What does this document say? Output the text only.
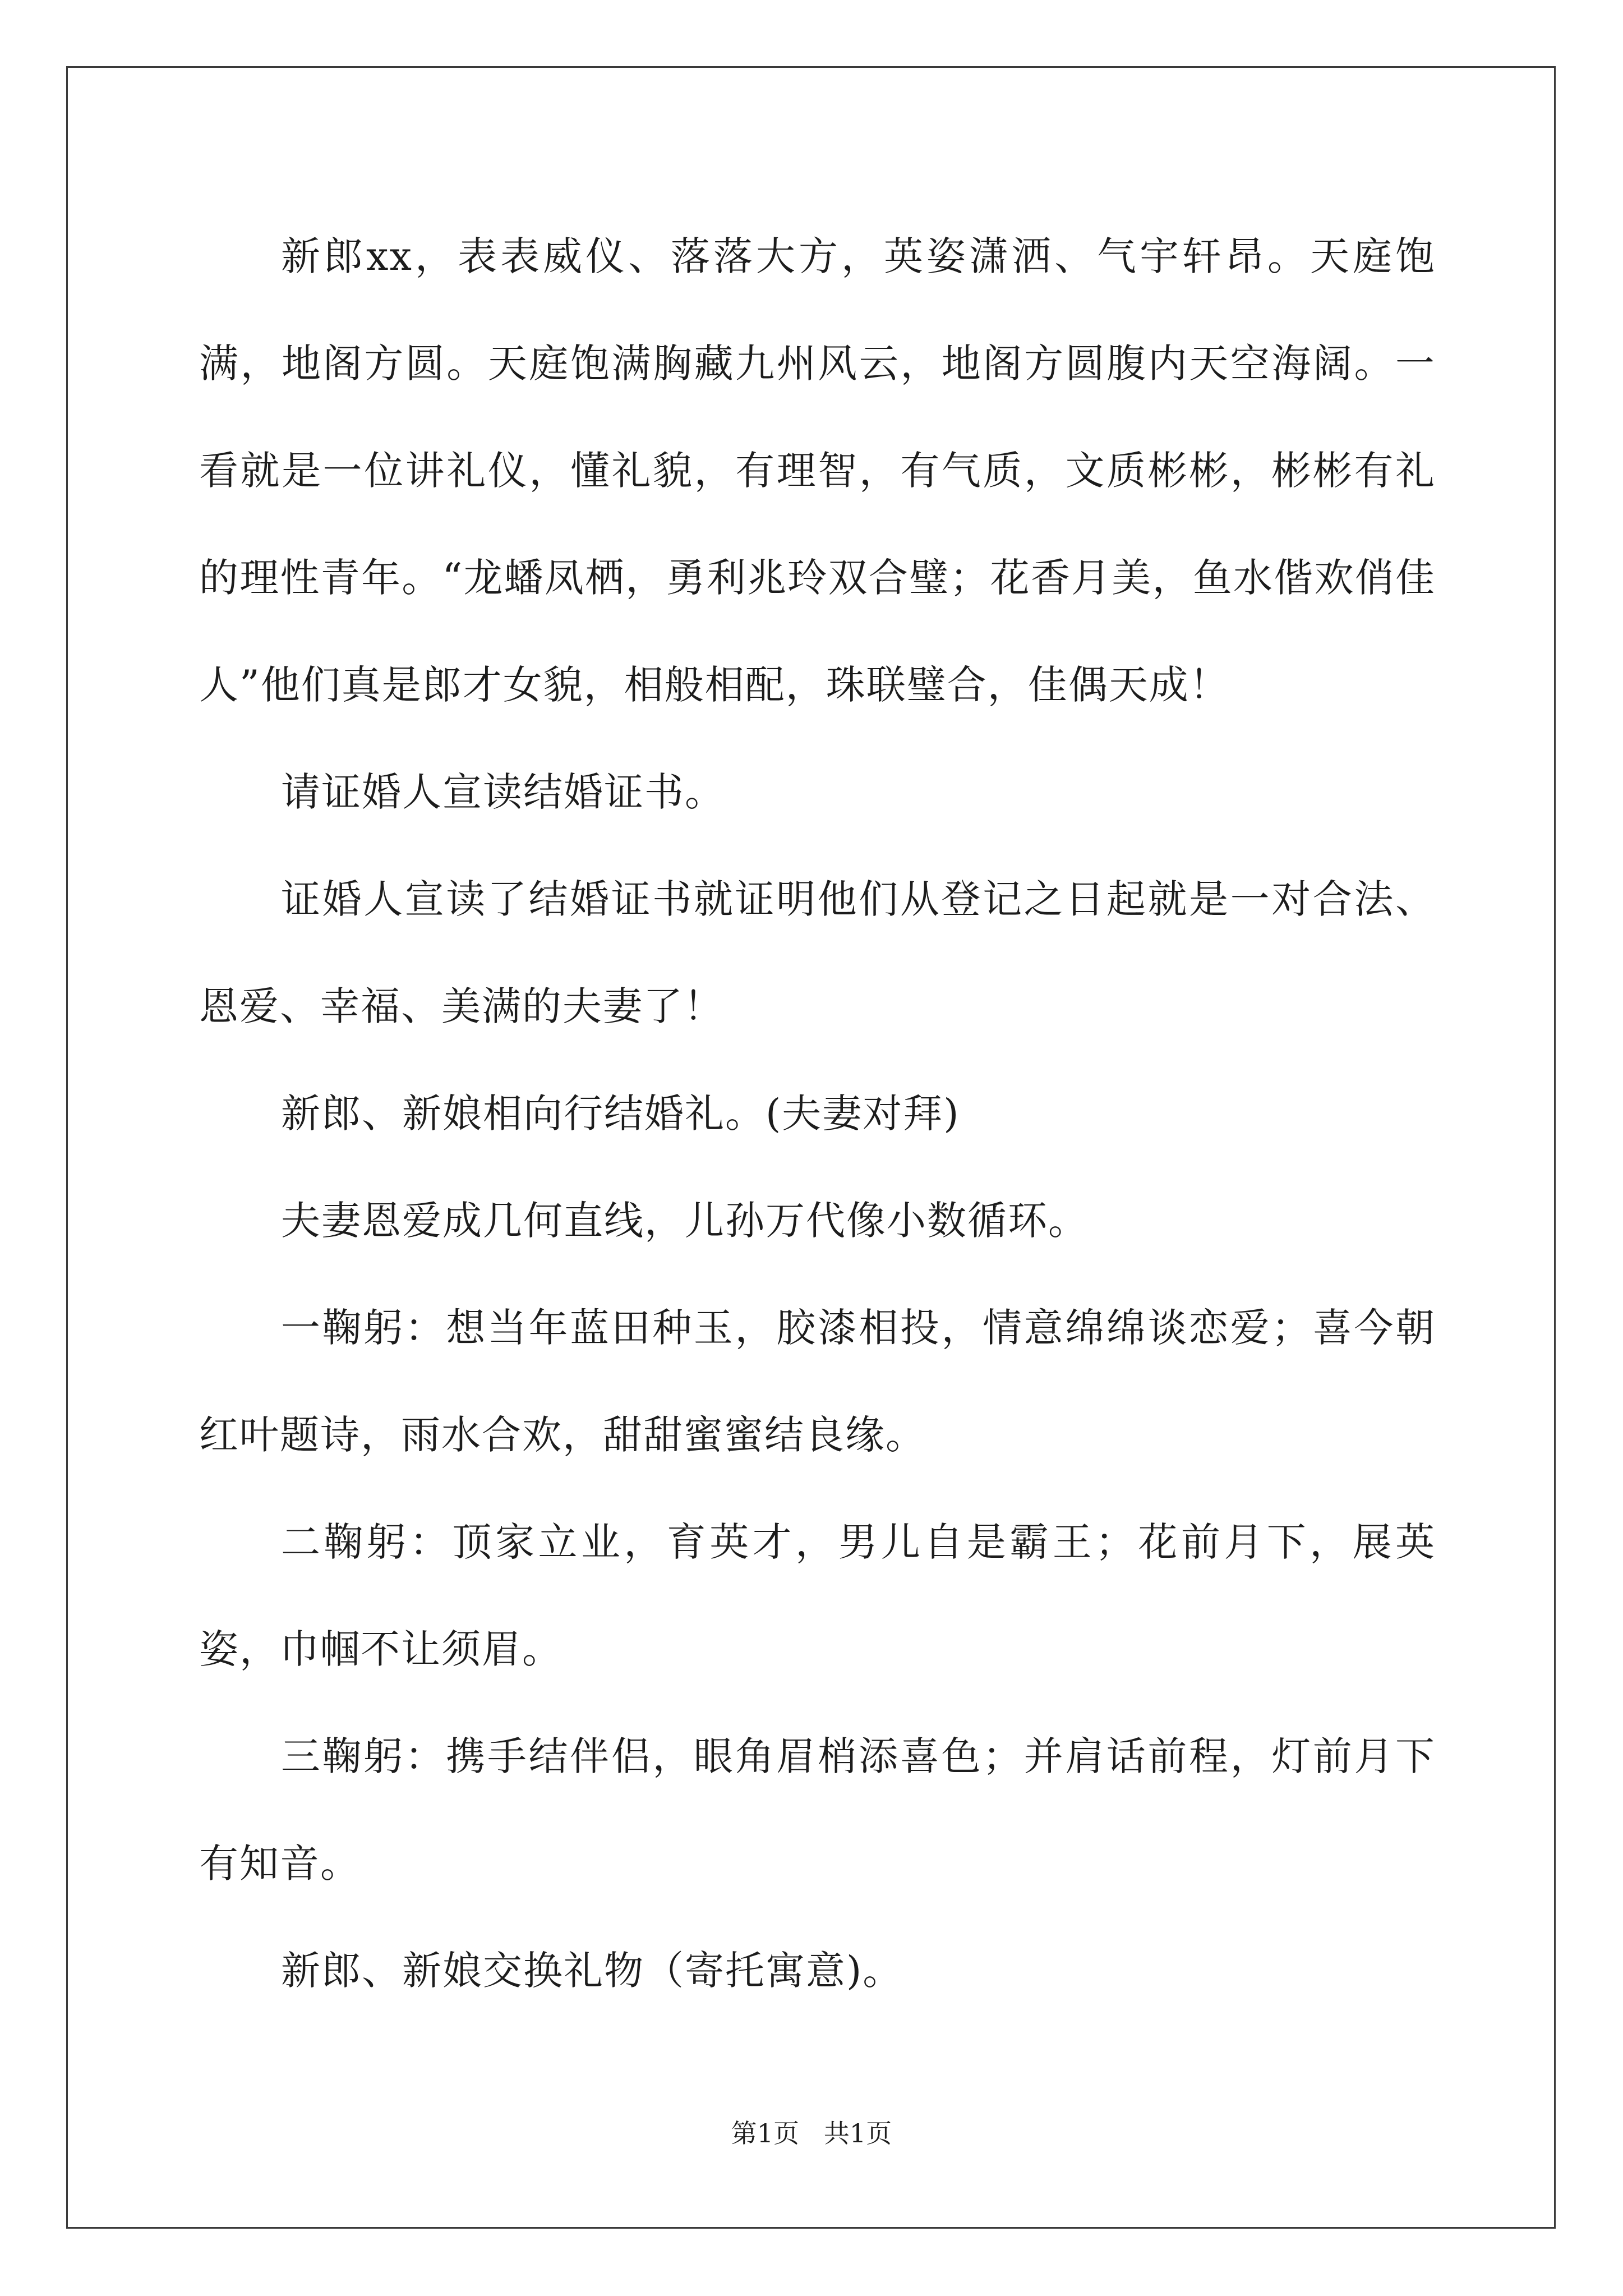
新郎xx，表表威仪、落落大方，英姿潇洒、气宇轩昂。天庭饱满，地阁方圆。天庭饱满胸藏九州风云，地阁方圆腹内天空海阔。一看就是一位讲礼仪，懂礼貌，有理智，有气质，文质彬彬，彬彬有礼的理性青年。“龙蟠凤栖，勇利兆玲双合璧；花香月美，鱼水偕欢俏佳人”他们真是郎才女貌，相般相配，珠联璧合，佳偶天成！

请证婚人宣读结婚证书。

证婚人宣读了结婚证书就证明他们从登记之日起就是一对合法、恩爱、幸福、美满的夫妻了！

新郎、新娘相向行结婚礼。(夫妻对拜)

夫妻恩爱成几何直线，儿孙万代像小数循环。

一鞠躬：想当年蓝田种玉，胶漆相投，情意绵绵谈恋爱；喜今朝红叶题诗，雨水合欢，甜甜蜜蜜结良缘。

二鞠躬：顶家立业，育英才，男儿自是霸王；花前月下，展英姿，巾帼不让须眉。

三鞠躬：携手结伴侣，眼角眉梢添喜色；并肩话前程，灯前月下有知音。

新郎、新娘交换礼物（寄托寓意)。

第1页   共1页
